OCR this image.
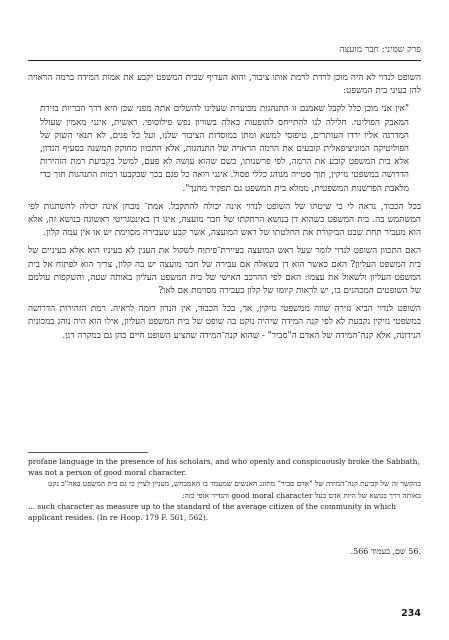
פרק שמיני: חבר מועצה

השופט לנדוי לא היה מוכן לרדת לרמת אותו ציבור, והוא העדיף שבית המשפט יקבע את אמות המידה ברמה הראויה להן בעיני בית המשפט:

"אין אני מוכן כלל לקבל שאמנם זו התנהגות מכוערת שעלינו להשלים אתה מפני שכן היא דרך הבריות בזירת המאבק הפוליטי. חלילה לנו להתייחס לתופעות כאלה בשוויון נפש פילוסופי. ראשית, אינני מאמין שעולל המדרגה אליו ירדו העותרים, טיפוסי למשא ומתן במוסדות הציבור שלנו, ועל כל פנים, לא תנאי השוק של הפוליטיקה המוניציפאלית קובעים את הרמה הראויה של התנהגות, אלא התכוון מחוקק המשנה בסעיף הנדון, אלא בית המשפט קובע את הרמה, לפי פרשנותו, כשם שהוא עושה לא פעם, למשל בקביעת רמת הזהירות הדרושה במשפטי נזיקין, תוך סטייה מנוהג כללי פסול. אינני רואה כל פגם בכך שבקבעו רמות התנהגות תוך כדי מלאכת הפרשנות המשפטית, ממלא בית המשפט גם תפקיד מחנך".

בכל הכבוד, נראה לי כי שיטתו של השופט לנדוי אינה יכולה להתקבל. אמת־ מבחן אינה יכולה להשתנות לפי המשתמש בה. בית המשפט כשהוא דן בנושא הרחקתו של חבר מועצה, אינו דן באינטגריטי ראשונה בנושא זה, אלא הוא מעביר תחת שבט הביקורת את החלטתו של ראש המועצה, אשר קבע שעבירה מסוימת יש או אין עמה קלון.

האם התכוון השופט לנדוי לומר שעל ראש המועצה בעיירת־פיתוח לשקול את הענין לא בעיניו הוא אלא בעיניים של בית המשפט העליון? האם כאשר הוא דן בשאלה אם עבירה של חבר מועצה יש בה קלון, צריך הוא לפתוח אל בית המשפט העליון ולשאול את עצמו: האם לפי ההרכב האישי של בית המשפט העליון באותה שעה, והשקפות עולמם של השופטים המכהנים בו, יש לראות קיומו של קלון בעבירה מסוימת אם לאו?

השופט לנדוי הביא גזירה שווה ממשפטי נזיקין, אך, בכל הכבוד, אין הנדון דומה לראיה. רמת הזהירות הדרושה במשפטי נזיקין נקבעת לא לפי קנה המידה שיהיה נוקט בה שופט של בית המשפט העליון, אילו הוא היה נוהג במכונית הנידונה, אלא קנה־המידה של האדם ה"סביר" - שהוא קנה־המידה שהציע השופט חיים כהן גם במקרה דנן.

profane language in the presence of his scholars, and who openly and conspicuously broke the Sabbath, was not a person of good moral character.

בהקשר זה של קביעת קנה־המידה של "אדם סביר" מתוגג האנשים שמעמד בו האמבחש, מעניין לציין כי גם בית המשפט באה"ב נקט באותה דרך בנושא של היות אדם בעל good moral character והגדיר אופי כזה:

... such character as measure up to the standard of the average citizen of the community in which applicant resides. (In re Hoop. 179 F. 561, 562).

.56 שם, בעמוד 566.
234
